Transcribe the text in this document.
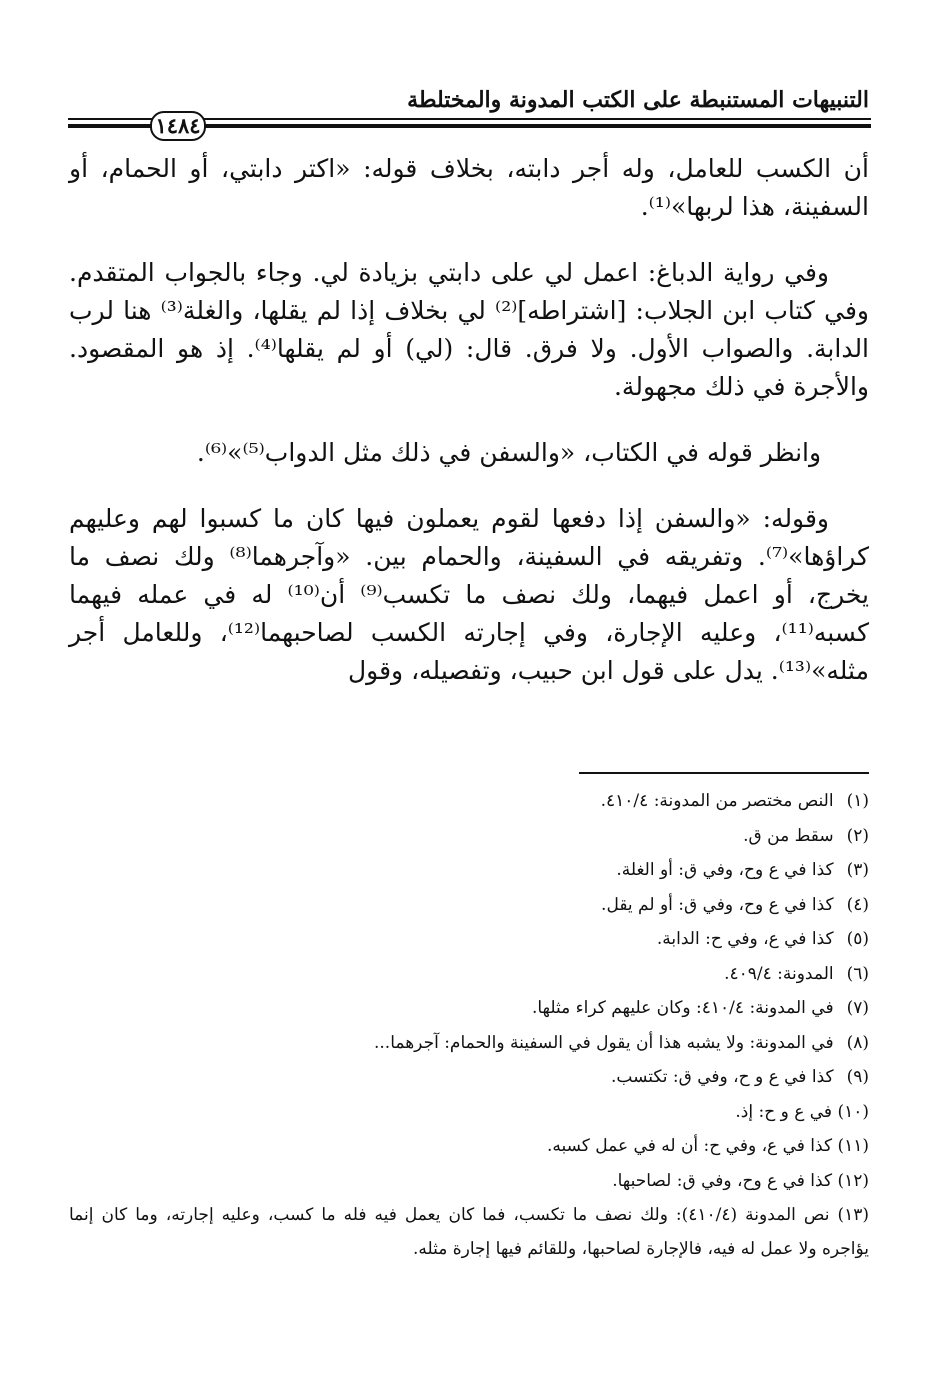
التنبيهات المستنبطة على الكتب المدونة والمختلطة
١٤٨٤

أن الكسب للعامل، وله أجر دابته، بخلاف قوله: «اكتر دابتي، أو الحمام، أو السفينة، هذا لربها»⁽¹⁾.

وفي رواية الدباغ: اعمل لي على دابتي بزيادة لي. وجاء بالجواب المتقدم. وفي كتاب ابن الجلاب: [اشتراطه]⁽²⁾ لي بخلاف إذا لم يقلها، والغلة⁽³⁾ هنا لرب الدابة. والصواب الأول. ولا فرق. قال: (لي) أو لم يقلها⁽⁴⁾. إذ هو المقصود. والأجرة في ذلك مجهولة.

وانظر قوله في الكتاب، «والسفن في ذلك مثل الدواب⁽⁵⁾»⁽⁶⁾.

وقوله: «والسفن إذا دفعها لقوم يعملون فيها كان ما كسبوا لهم وعليهم كراؤها»⁽⁷⁾. وتفريقه في السفينة، والحمام بين. «وآجرهما⁽⁸⁾ ولك نصف ما يخرج، أو اعمل فيهما، ولك نصف ما تكسب⁽⁹⁾ أن⁽¹⁰⁾ له في عمله فيهما كسبه⁽¹¹⁾، وعليه الإجارة، وفي إجارته الكسب لصاحبهما⁽¹²⁾، وللعامل أجر مثله»⁽¹³⁾. يدل على قول ابن حبيب، وتفصيله، وقول

(١) النص مختصر من المدونة: ٤١٠/٤.
(٢) سقط من ق.
(٣) كذا في ع وح، وفي ق: أو الغلة.
(٤) كذا في ع وح، وفي ق: أو لم يقل.
(٥) كذا في ع، وفي ح: الدابة.
(٦) المدونة: ٤٠٩/٤.
(٧) في المدونة: ٤١٠/٤: وكان عليهم كراء مثلها.
(٨) في المدونة: ولا يشبه هذا أن يقول في السفينة والحمام: آجرهما...
(٩) كذا في ع و ح، وفي ق: تكتسب.
(١٠) في ع و ح: إذ.
(١١) كذا في ع، وفي ح: أن له في عمل كسبه.
(١٢) كذا في ع وح، وفي ق: لصاحبها.
(١٣) نص المدونة (٤١٠/٤): ولك نصف ما تكسب، فما كان يعمل فيه فله ما كسب، وعليه إجارته، وما كان إنما يؤاجره ولا عمل له فيه، فالإجارة لصاحبها، وللقائم فيها إجارة مثله.
